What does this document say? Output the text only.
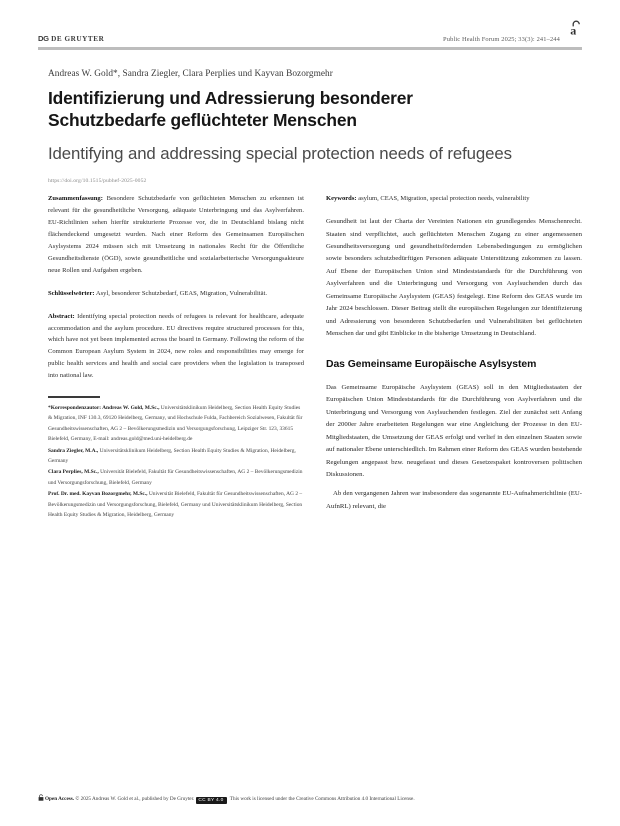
DG DE GRUYTER	Public Health Forum 2025; 33(3): 241–244
a
Andreas W. Gold*, Sandra Ziegler, Clara Perplies und Kayvan Bozorgmehr
Identifizierung und Adressierung besonderer Schutzbedarfe geflüchteter Menschen
Identifying and addressing special protection needs of refugees
https://doi.org/10.1515/pubhef-2025-0052

Zusammenfassung: Besondere Schutzbedarfe von geflüchteten Menschen zu erkennen ist relevant für die gesundheitliche Versorgung, adäquate Unterbringung und das Asylverfahren. EU-Richtlinien sehen hierfür strukturierte Prozesse vor, die in Deutschland bislang nicht flächendeckend umgesetzt wurden. Nach einer Reform des Gemeinsamen Europäischen Asylsystems 2024 müssen sich mit Umsetzung in nationales Recht für die Öffentliche Gesundheitsdienste (ÖGD), sowie gesundheitliche und sozialarbeiterische Versorgungsakteure neue Rollen und Aufgaben ergeben.

Schlüsselwörter: Asyl, besonderer Schutzbedarf, GEAS, Migration, Vulnerabilität.

Abstract: Identifying special protection needs of refugees is relevant for healthcare, adequate accommodation and the asylum procedure. EU directives require structured processes for this, which have not yet been implemented across the board in Germany. Following the reform of the Common European Asylum System in 2024, new roles and responsibilities may emerge for public health services and health and social care providers when the legislation is transposed into national law.

*Korrespondenzautor: Andreas W. Gold, M.Sc., Universitätsklinikum Heidelberg, Section Health Equity Studies & Migration, INF 130.3, 69120 Heidelberg, Germany, und Hochschule Fulda, Fachbereich Sozialwesen, Fakultät für Gesundheitswissenschaften, AG 2 – Bevölkerungsmedizin und Versorgungsforschung, Leipziger Str. 123, 33615 Bielefeld, Germany, E-mail: andreas.gold@med.uni-heidelberg.de

Sandra Ziegler, M.A., Universitätsklinikum Heidelberg, Section Health Equity Studies & Migration, Heidelberg, Germany

Clara Perplies, M.Sc., Universität Bielefeld, Fakultät für Gesundheitswissenschaften, AG 2 – Bevölkerungsmedizin und Versorgungsforschung, Bielefeld, Germany

Prof. Dr. med. Kayvan Bozorgmehr, M.Sc., Universität Bielefeld, Fakultät für Gesundheitswissenschaften, AG 2 – Bevölkerungsmedizin und Versorgungsforschung, Bielefeld, Germany und Universitätsklinikum Heidelberg, Section Health Equity Studies & Migration, Heidelberg, Germany

Keywords: asylum, CEAS, Migration, special protection needs, vulnerability

Gesundheit ist laut der Charta der Vereinten Nationen ein grundlegendes Menschenrecht. Staaten sind verpflichtet, auch geflüchteten Menschen Zugang zu einer angemessenen Gesundheitsversorgung und gesundheitsfördernden Lebensbedingungen zu ermöglichen sowie besonders schutzbedürftigen Personen adäquate Unterstützung zukommen zu lassen. Auf Ebene der Europäischen Union sind Mindeststandards für die Durchführung von Asylverfahren und die Unterbringung und Versorgung von Asylsuchenden durch das Gemeinsame Europäische Asylsystem (GEAS) festgelegt. Eine Reform des GEAS wurde im Jahr 2024 beschlossen. Dieser Beitrag stellt die europäischen Regelungen zur Identifizierung und Adressierung von besonderen Schutzbedarfen und Vulnerabilitäten bei geflüchteten Menschen dar und gibt Einblicke in die bisherige Umsetzung in Deutschland.

Das Gemeinsame Europäische Asylsystem

Das Gemeinsame Europäische Asylsystem (GEAS) soll in den Mitgliedsstaaten der Europäischen Union Mindeststandards für die Durchführung von Asylverfahren und die Unterbringung und Versorgung von Asylsuchenden festlegen. Ziel der zunächst seit Anfang der 2000er Jahre erarbeiteten Regelungen war eine Angleichung der Prozesse in den EU-Mitgliedstaaten, die Umsetzung der GEAS erfolgt und verlief in den einzelnen Staaten sowie auf nationaler Ebene unterschiedlich. Im Rahmen einer Reform des GEAS wurden bestehende Regelungen angepasst bzw. neugefasst und dieses Gesetzespaket kontroversen politischen Diskussionen.

Ab den vergangenen Jahren war insbesondere das sogenannte EU-Aufnahmerichtlinie (EU-AufnRL) relevant, die

Open Access. © 2025 Andreas W. Gold et al., published by De Gruyter. CC BY 4.0 This work is licensed under the Creative Commons Attribution 4.0 International License.
